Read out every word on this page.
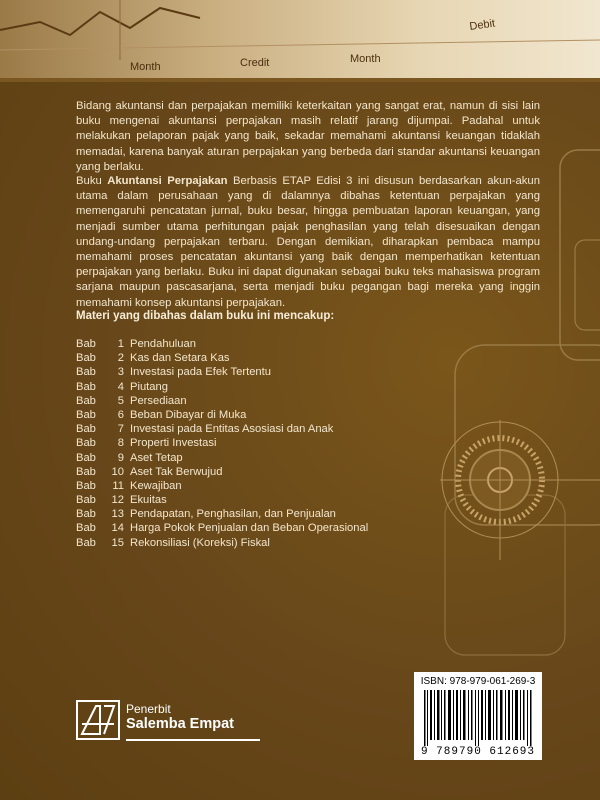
Month	Credit	Month
Debit
Bidang akuntansi dan perpajakan memiliki keterkaitan yang sangat erat, namun di sisi lain buku mengenai akuntansi perpajakan masih relatif jarang dijumpai. Padahal untuk melakukan pelaporan pajak yang baik, sekadar memahami akuntansi keuangan tidaklah memadai, karena banyak aturan perpajakan yang berbeda dari standar akuntansi keuangan yang berlaku.
Buku Akuntansi Perpajakan Berbasis ETAP Edisi 3 ini disusun berdasarkan akun-akun utama dalam perusahaan yang di dalamnya dibahas ketentuan perpajakan yang memengaruhi pencatatan jurnal, buku besar, hingga pembuatan laporan keuangan, yang menjadi sumber utama perhitungan pajak penghasilan yang telah disesuaikan dengan undang-undang perpajakan terbaru. Dengan demikian, diharapkan pembaca mampu memahami proses pencatatan akuntansi yang baik dengan memperhatikan ketentuan perpajakan yang berlaku. Buku ini dapat digunakan sebagai buku teks mahasiswa program sarjana maupun pascasarjana, serta menjadi buku pegangan bagi mereka yang inggin memahami konsep akuntansi perpajakan.
Materi yang dibahas dalam buku ini mencakup:
Bab 1 Pendahuluan
Bab 2 Kas dan Setara Kas
Bab 3 Investasi pada Efek Tertentu
Bab 4 Piutang
Bab 5 Persediaan
Bab 6 Beban Dibayar di Muka
Bab 7 Investasi pada Entitas Asosiasi dan Anak
Bab 8 Properti Investasi
Bab 9 Aset Tetap
Bab 10 Aset Tak Berwujud
Bab 11 Kewajiban
Bab 12 Ekuitas
Bab 13 Pendapatan, Penghasilan, dan Penjualan
Bab 14 Harga Pokok Penjualan dan Beban Operasional
Bab 15 Rekonsiliasi (Koreksi) Fiskal
Penerbit
Salemba Empat
ISBN: 978-979-061-269-3
9 789790 612693
